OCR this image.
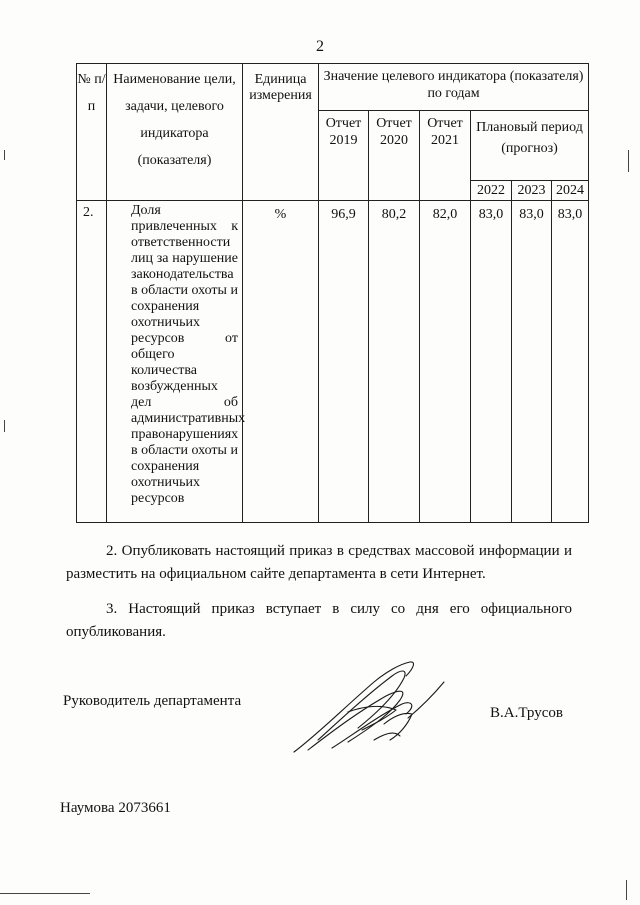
2
№ п/п	Наименование цели, задачи, целевого индикатора (показателя)	Единица измерения	Значение целевого индикатора (показателя) по годам					
			Отчет 2019	Отчет 2020	Отчет 2021	Плановый период (прогноз)		
						2022	2023	2024
2.	Доля привлеченных к ответственности лиц за нарушение законодательства в области охоты и сохранения охотничьих ресурсов от общего количества возбужденных дел об административных правонарушениях в области охоты и сохранения охотничьих ресурсов	%	96,9	80,2	82,0	83,0	83,0	83,0
2. Опубликовать настоящий приказ в средствах массовой информации и разместить на официальном сайте департамента в сети Интернет.
3. Настоящий приказ вступает в силу со дня его официального опубликования.
Руководитель департамента
В.А.Трусов
Наумова 2073661
